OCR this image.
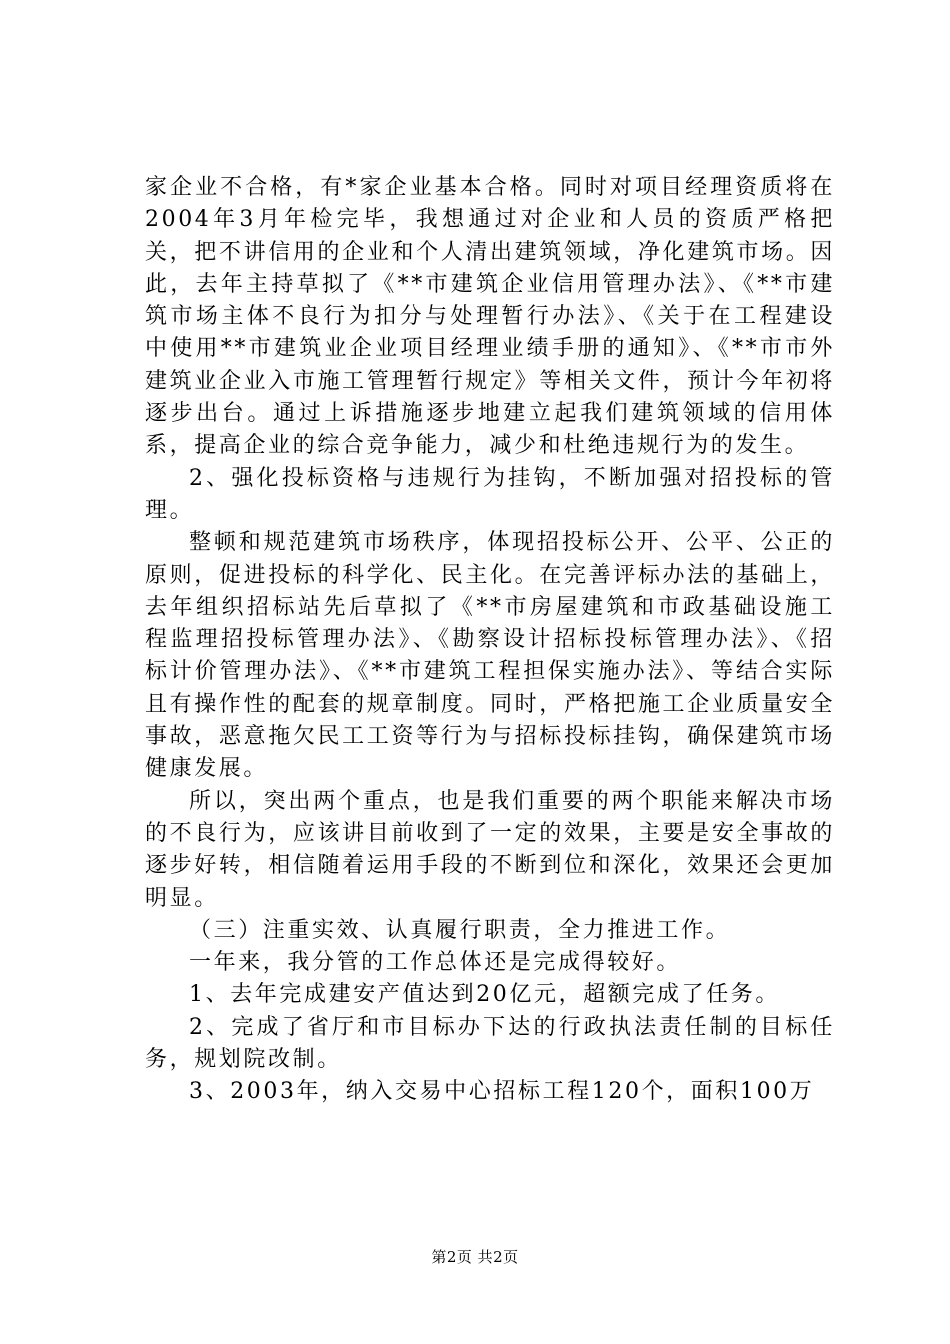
家企业不合格，有*家企业基本合格。同时对项目经理资质将在2004年3月年检完毕，我想通过对企业和人员的资质严格把关，把不讲信用的企业和个人清出建筑领域，净化建筑市场。因此，去年主持草拟了《**市建筑企业信用管理办法》、《**市建筑市场主体不良行为扣分与处理暂行办法》、《关于在工程建设中使用**市建筑业企业项目经理业绩手册的通知》、《**市市外建筑业企业入市施工管理暂行规定》等相关文件，预计今年初将逐步出台。通过上诉措施逐步地建立起我们建筑领域的信用体系，提高企业的综合竞争能力，减少和杜绝违规行为的发生。

2、强化投标资格与违规行为挂钩，不断加强对招投标的管理。

整顿和规范建筑市场秩序，体现招投标公开、公平、公正的原则，促进投标的科学化、民主化。在完善评标办法的基础上，去年组织招标站先后草拟了《**市房屋建筑和市政基础设施工程监理招投标管理办法》、《勘察设计招标投标管理办法》、《招标计价管理办法》、《**市建筑工程担保实施办法》、等结合实际且有操作性的配套的规章制度。同时，严格把施工企业质量安全事故，恶意拖欠民工工资等行为与招标投标挂钩，确保建筑市场健康发展。

所以，突出两个重点，也是我们重要的两个职能来解决市场的不良行为，应该讲目前收到了一定的效果，主要是安全事故的逐步好转，相信随着运用手段的不断到位和深化，效果还会更加明显。

（三）注重实效、认真履行职责，全力推进工作。

一年来，我分管的工作总体还是完成得较好。

1、去年完成建安产值达到20亿元，超额完成了任务。

2、完成了省厅和市目标办下达的行政执法责任制的目标任务，规划院改制。

3、2003年，纳入交易中心招标工程120个，面积100万

第2页 共2页
